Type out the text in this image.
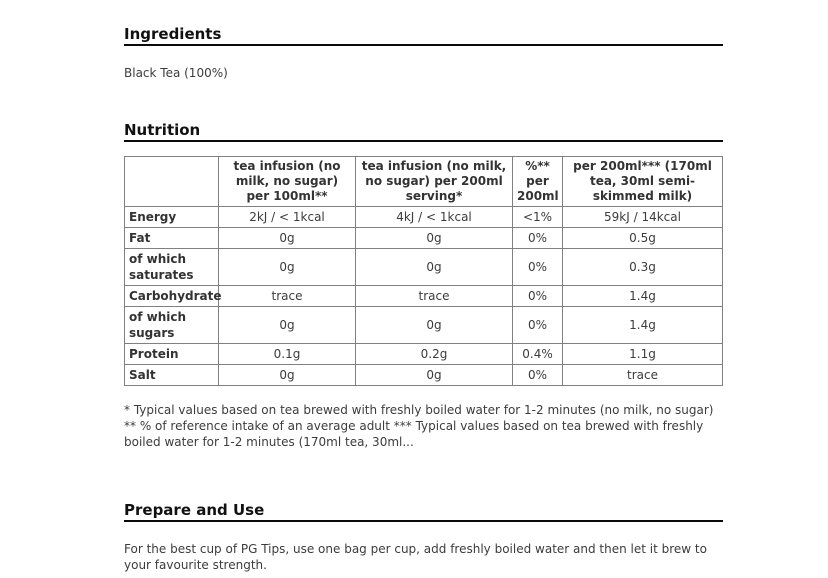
Ingredients
Black Tea (100%)
Nutrition
	tea infusion (no milk, no sugar) per 100ml**	tea infusion (no milk, no sugar) per 200ml serving*	%** per 200ml	per 200ml*** (170ml tea, 30ml semi-skimmed milk)
Energy	2kJ / < 1kcal	4kJ / < 1kcal	<1%	59kJ / 14kcal
Fat	0g	0g	0%	0.5g
of which saturates	0g	0g	0%	0.3g
Carbohydrate	trace	trace	0%	1.4g
of which sugars	0g	0g	0%	1.4g
Protein	0.1g	0.2g	0.4%	1.1g
Salt	0g	0g	0%	trace
* Typical values based on tea brewed with freshly boiled water for 1-2 minutes (no milk, no sugar) ** % of reference intake of an average adult *** Typical values based on tea brewed with freshly boiled water for 1-2 minutes (170ml tea, 30ml...
Prepare and Use
For the best cup of PG Tips, use one bag per cup, add freshly boiled water and then let it brew to your favourite strength.
